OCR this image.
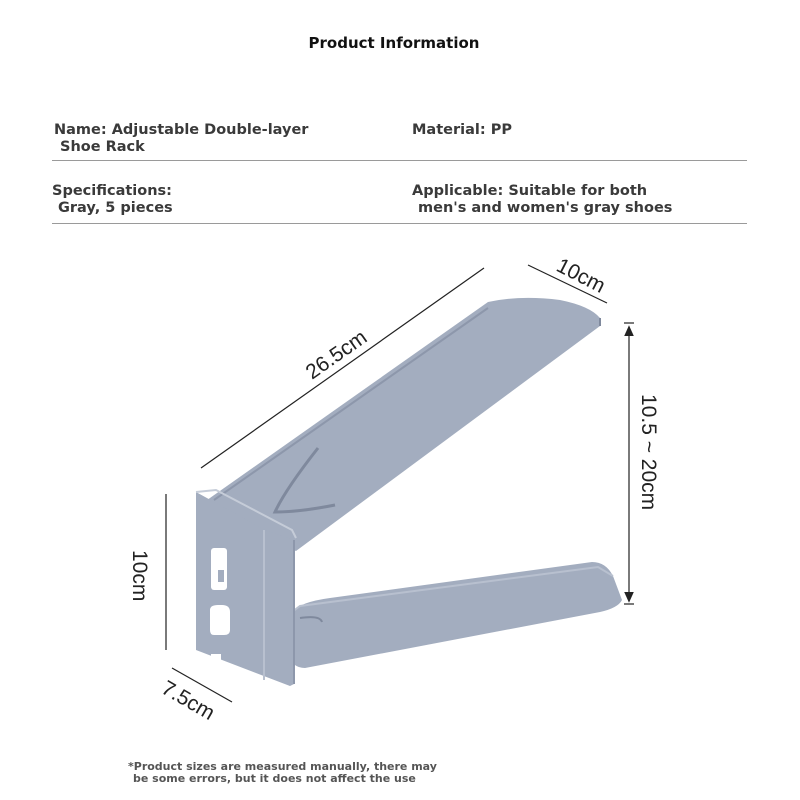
Product Information
Name: Adjustable Double-layer
Shoe Rack
Material: PP
Specifications:
Gray, 5 pieces
Applicable: Suitable for both
men's and women's gray shoes
26.5cm
10cm
10.5 ~ 20cm
10cm
7.5cm
*Product sizes are measured manually, there may
be some errors, but it does not affect the use
